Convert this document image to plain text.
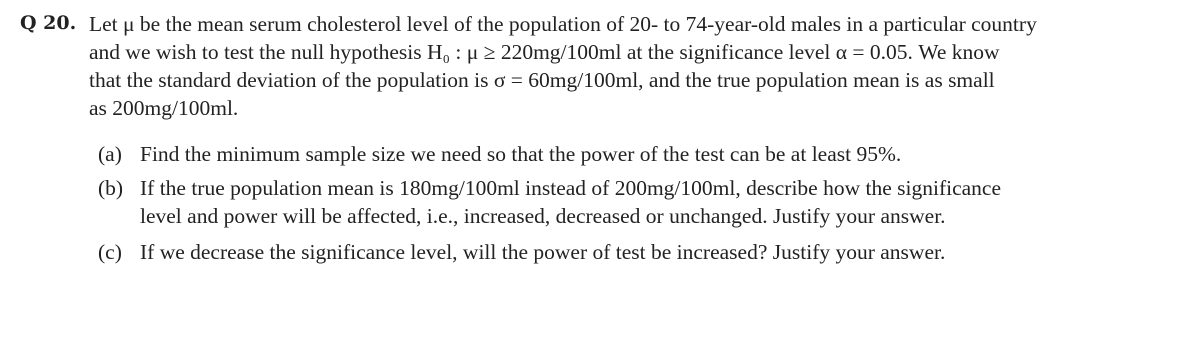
Q 20. Let μ be the mean serum cholesterol level of the population of 20- to 74-year-old males in a particular country
and we wish to test the null hypothesis H₀ : μ ≥ 220mg/100ml at the significance level α = 0.05. We know
that the standard deviation of the population is σ = 60mg/100ml, and the true population mean is as small
as 200mg/100ml.
(a) Find the minimum sample size we need so that the power of the test can be at least 95%.
(b) If the true population mean is 180mg/100ml instead of 200mg/100ml, describe how the significance
level and power will be affected, i.e., increased, decreased or unchanged. Justify your answer.
(c) If we decrease the significance level, will the power of test be increased? Justify your answer.
